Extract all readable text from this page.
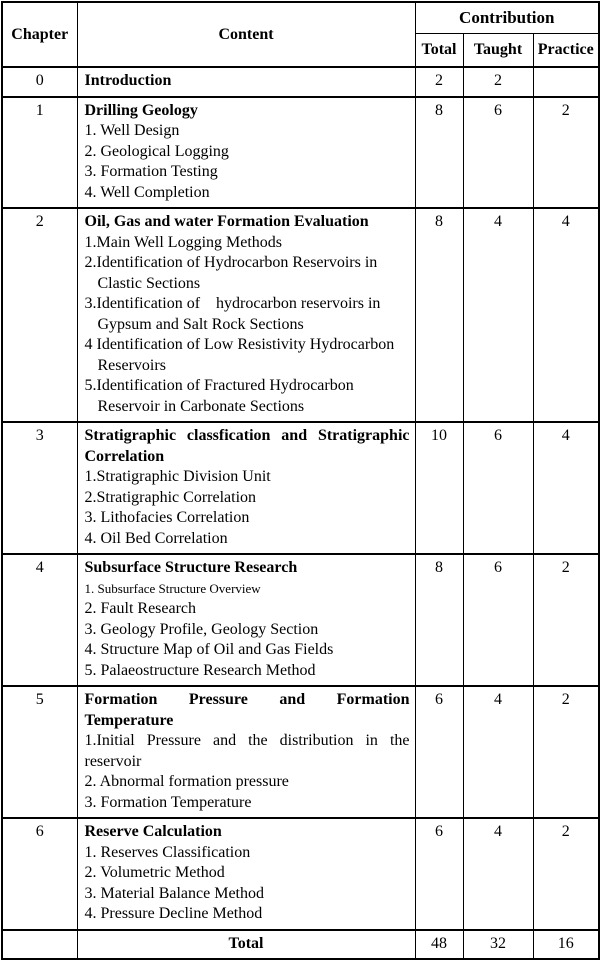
Chapter	Content	Contribution		
		Total	Taught	Practice
0	Introduction	2	2	
1	Drilling Geology
1. Well Design
2. Geological Logging
3. Formation Testing
4. Well Completion	8	6	2
2	Oil, Gas and water Formation Evaluation
1.Main Well Logging Methods
2.Identification of Hydrocarbon Reservoirs in
Clastic Sections
3.Identification of    hydrocarbon reservoirs in
Gypsum and Salt Rock Sections
4 Identification of Low Resistivity Hydrocarbon
Reservoirs
5.Identification of Fractured Hydrocarbon
Reservoir in Carbonate Sections
	8	4	4
3	Stratigraphic classfication and Stratigraphic
Correlation
1.Stratigraphic Division Unit
2.Stratigraphic Correlation
3. Lithofacies Correlation
4. Oil Bed Correlation
	10	6	4
4	Subsurface Structure Research
1. Subsurface Structure Overview
2. Fault Research
3. Geology Profile, Geology Section
4. Structure Map of Oil and Gas Fields
5. Palaeostructure Research Method
	8	6	2
5	Formation Pressure and Formation
Temperature
1.Initial Pressure and the distribution in the
reservoir
2. Abnormal formation pressure
3. Formation Temperature
	6	4	2
6	Reserve Calculation
1. Reserves Classification
2. Volumetric Method
3. Material Balance Method
4. Pressure Decline Method	6	4	2
	Total	48	32	16
